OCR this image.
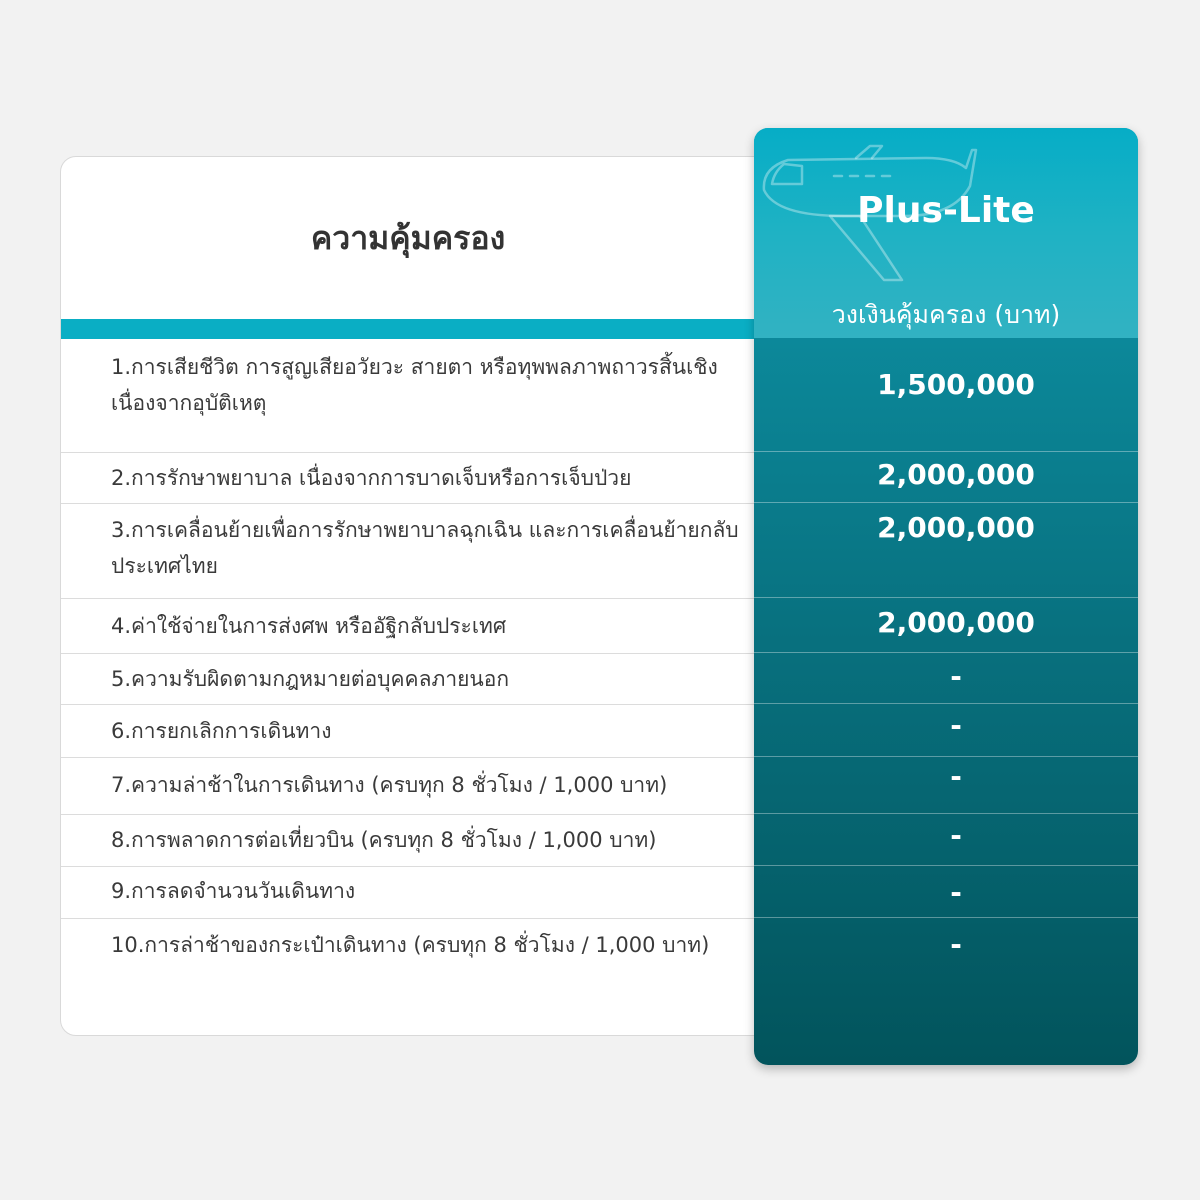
ความคุ้มครอง
1.การเสียชีวิต การสูญเสียอวัยวะ สายตา หรือทุพพลภาพถาวรสิ้นเชิงเนื่องจากอุบัติเหตุ
2.การรักษาพยาบาล เนื่องจากการบาดเจ็บหรือการเจ็บป่วย
3.การเคลื่อนย้ายเพื่อการรักษาพยาบาลฉุกเฉิน และการเคลื่อนย้ายกลับประเทศไทย
4.ค่าใช้จ่ายในการส่งศพ หรืออัฐิกลับประเทศ
5.ความรับผิดตามกฎหมายต่อบุคคลภายนอก
6.การยกเลิกการเดินทาง
7.ความล่าช้าในการเดินทาง (ครบทุก 8 ชั่วโมง / 1,000 บาท)
8.การพลาดการต่อเที่ยวบิน (ครบทุก 8 ชั่วโมง / 1,000 บาท)
9.การลดจำนวนวันเดินทาง
10.การล่าช้าของกระเป๋าเดินทาง (ครบทุก 8 ชั่วโมง / 1,000 บาท)
Plus-Lite
วงเงินคุ้มครอง (บาท)
1,500,000
2,000,000
2,000,000
2,000,000
-
-
-
-
-
-
